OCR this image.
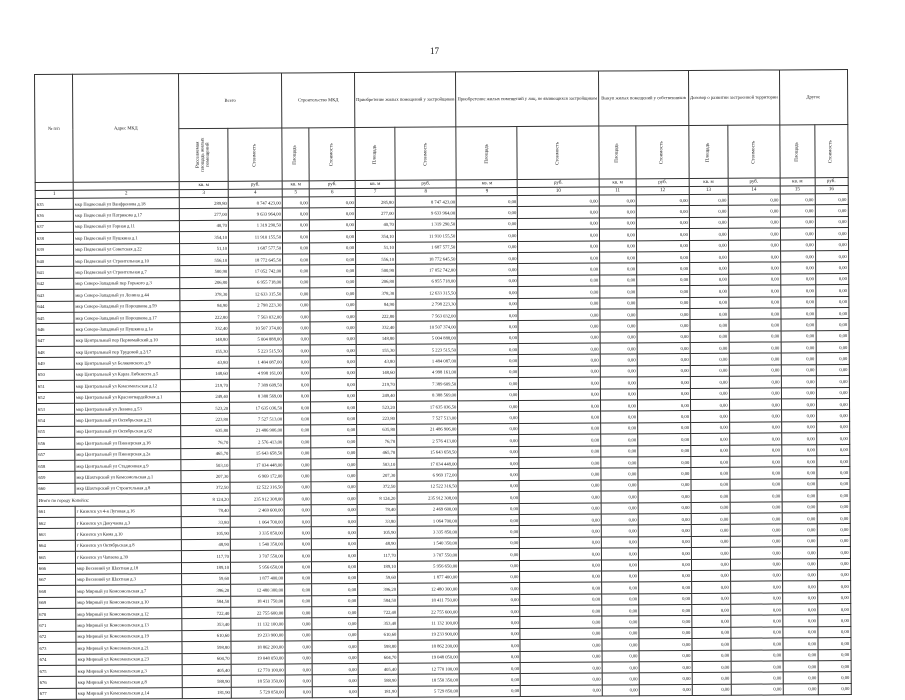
17
№ п/п	Адрес МКД	Всего		Строительство МКД		Приобретение жилых помещений у застройщиков		Приобретение жилых помещений у лиц, не являющихся застройщиком		Выкуп жилых помещений у собственников		Договор о развитии застроенной территории		Другое	
		Расселяемая площадь жилых помещений	Стоимость	Площадь	Стоимость	Площадь	Стоимость	Площадь	Стоимость	Площадь	Стоимость	Площадь	Стоимость	Площадь	Стоимость
		кв. м	руб.	кв. м	руб.	кв. м	руб.	кв. м	руб.	кв. м	руб.	кв. м	руб.	кв. м	руб.
1	2	3	4	5	6	7	8	9	10	11	12	13	14	15	16
635	мкр Подвесный ул Ванфронова д.18	289,80	8 747 423,00	0,00	0,00	285,80	8 747 423,00	0,00	0,00	0,00	0,00	0,00	0,00	0,00	0,00
636	мкр Подвесный ул Патрикова д.17	277,00	9 633 964,00	0,00	0,00	277,00	9 633 964,00	0,00	0,00	0,00	0,00	0,00	0,00	0,00	0,00
637	мкр Подвесный ул Горная д.11	40,70	1 319 290,50	0,00	0,00	40,70	1 319 290,50	0,00	0,00	0,00	0,00	0,00	0,00	0,00	0,00
638	мкр Подвесный ул Пушкина д.1	354,10	11 910 155,50	0,00	0,00	354,10	11 910 155,50	0,00	0,00	0,00	0,00	0,00	0,00	0,00	0,00
639	мкр Подвесный ул Советская д.22	51,10	1 687 577,50	0,00	0,00	51,10	1 687 577,50	0,00	0,00	0,00	0,00	0,00	0,00	0,00	0,00
640	мкр Подвесный ул Строительная д.10	556,10	18 772 645,50	0,00	0,00	556,10	18 772 645,50	0,00	0,00	0,00	0,00	0,00	0,00	0,00	0,00
641	мкр Подвесный ул Строительная д.7	500,90	17 052 742,00	0,00	0,00	500,90	17 052 742,00	0,00	0,00	0,00	0,00	0,00	0,00	0,00	0,00
642	мкр Северо-Западный пер Горького д.3	206,80	6 955 718,00	0,00	0,00	206,80	6 955 718,00	0,00	0,00	0,00	0,00	0,00	0,00	0,00	0,00
643	мкр Северо-Западный ул Ленина д.44	378,30	12 633 315,50	0,00	0,00	378,30	12 633 315,50	0,00	0,00	0,00	0,00	0,00	0,00	0,00	0,00
644	мкр Северо-Западный ул Порошкова д.59	84,90	2 798 223,30	0,00	0,00	84,90	2 798 223,30	0,00	0,00	0,00	0,00	0,00	0,00	0,00	0,00
645	мкр Северо-Западный ул Порошкова д.17	222,80	7 563 032,00	0,00	0,00	222,80	7 563 032,00	0,00	0,00	0,00	0,00	0,00	0,00	0,00	0,00
646	мкр Северо-Западный ул Пушкина д.1а	332,40	10 507 374,00	0,00	0,00	332,40	10 507 374,00	0,00	0,00	0,00	0,00	0,00	0,00	0,00	0,00
647	мкр Центральный пер Первомайский д.10	148,80	5 004 888,00	0,00	0,00	148,80	5 004 888,00	0,00	0,00	0,00	0,00	0,00	0,00	0,00	0,00
648	мкр Центральный пер Трудовой д.2/17	155,30	5 223 515,50	0,00	0,00	155,30	5 223 515,50	0,00	0,00	0,00	0,00	0,00	0,00	0,00	0,00
649	мкр Центральный ул Беляковского д.9	43,80	1 484 087,00	0,00	0,00	43,80	1 484 087,00	0,00	0,00	0,00	0,00	0,00	0,00	0,00	0,00
650	мкр Центральный ул Карла Либкнехта д.5	148,60	4 998 161,00	0,00	0,00	148,60	4 998 161,00	0,00	0,00	0,00	0,00	0,00	0,00	0,00	0,00
651	мкр Центральный ул Комсомольская д.12	219,70	7 389 609,50	0,00	0,00	219,70	7 389 609,50	0,00	0,00	0,00	0,00	0,00	0,00	0,00	0,00
652	мкр Центральный ул Красногвардейская д.1	249,40	8 388 569,00	0,00	0,00	249,40	8 388 569,00	0,00	0,00	0,00	0,00	0,00	0,00	0,00	0,00
653	мкр Центральный ул Ленина д.53	523,20	17 635 036,50	0,00	0,00	523,20	17 635 036,50	0,00	0,00	0,00	0,00	0,00	0,00	0,00	0,00
654	мкр Центральный ул Октябрьская д.21	223,80	7 527 513,00	0,00	0,00	223,80	7 527 513,00	0,00	0,00	0,00	0,00	0,00	0,00	0,00	0,00
655	мкр Центральный ул Октябрьская д.62	635,80	21 486 906,00	0,00	0,00	635,80	21 486 906,00	0,00	0,00	0,00	0,00	0,00	0,00	0,00	0,00
656	мкр Центральный ул Пионерская д.16	76,70	2 576 413,00	0,00	0,00	76,70	2 576 413,00	0,00	0,00	0,00	0,00	0,00	0,00	0,00	0,00
657	мкр Центральный ул Пионерская д.2а	465,70	15 643 658,50	0,00	0,00	465,70	15 643 658,50	0,00	0,00	0,00	0,00	0,00	0,00	0,00	0,00
658	мкр Центральный ул Стадионная д.9	503,10	17 034 448,00	0,00	0,00	503,10	17 034 448,00	0,00	0,00	0,00	0,00	0,00	0,00	0,00	0,00
659	мкр Шахтерский ул Комсомольская д.1	207,30	6 969 172,00	0,00	0,00	207,30	6 969 172,00	0,00	0,00	0,00	0,00	0,00	0,00	0,00	0,00
660	мкр Шахтерский ул Строительная д.8	372,50	12 522 316,50	0,00	0,00	372,50	12 522 316,50	0,00	0,00	0,00	0,00	0,00	0,00	0,00	0,00
Итого по городу Копейск:		8 124,20	235 912 308,00	0,00	0,00	8 124,20	235 912 308,00	0,00	0,00	0,00	0,00	0,00	0,00	0,00	0,00
661	г Кизилск ул 4-я Луговая д.16	78,40	2 469 600,00	0,00	0,00	78,40	2 469 600,00	0,00	0,00	0,00	0,00	0,00	0,00	0,00	0,00
662	г Кизилск ул Докучаева д.3	33,80	1 064 700,00	0,00	0,00	33,80	1 064 700,00	0,00	0,00	0,00	0,00	0,00	0,00	0,00	0,00
663	г Кизилск ул Кима д.10	105,90	3 335 850,00	0,00	0,00	105,90	3 335 850,00	0,00	0,00	0,00	0,00	0,00	0,00	0,00	0,00
664	г Кизилск ул Октябрьская д.8	48,90	1 540 350,00	0,00	0,00	48,90	1 540 350,00	0,00	0,00	0,00	0,00	0,00	0,00	0,00	0,00
665	г Кизилск ул Чапаева д.39	117,70	3 707 550,00	0,00	0,00	117,70	3 707 550,00	0,00	0,00	0,00	0,00	0,00	0,00	0,00	0,00
666	мкр Весенний ул Шахтная д.18	189,10	5 956 650,00	0,00	0,00	189,10	5 956 650,00	0,00	0,00	0,00	0,00	0,00	0,00	0,00	0,00
667	мкр Весенний ул Шахтная д.3	59,60	1 877 400,00	0,00	0,00	59,60	1 877 400,00	0,00	0,00	0,00	0,00	0,00	0,00	0,00	0,00
668	мкр Мирный ул Комсомольская д.7	396,20	12 480 300,00	0,00	0,00	396,20	12 480 300,00	0,00	0,00	0,00	0,00	0,00	0,00	0,00	0,00
669	мкр Мирный ул Комсомольская д.10	584,50	18 411 750,00	0,00	0,00	584,50	18 411 750,00	0,00	0,00	0,00	0,00	0,00	0,00	0,00	0,00
670	мкр Мирный ул Комсомольская д.12	722,40	22 755 600,00	0,00	0,00	722,40	22 755 600,00	0,00	0,00	0,00	0,00	0,00	0,00	0,00	0,00
671	мкр Мирный ул Комсомольская д.13	353,40	11 132 100,00	0,00	0,00	353,40	11 132 100,00	0,00	0,00	0,00	0,00	0,00	0,00	0,00	0,00
672	мкр Мирный ул Комсомольская д.19	610,60	19 233 900,00	0,00	0,00	610,60	19 233 900,00	0,00	0,00	0,00	0,00	0,00	0,00	0,00	0,00
673	мкр Мирный ул Комсомольская д.21	598,80	18 862 200,00	0,00	0,00	598,80	18 862 200,00	0,00	0,00	0,00	0,00	0,00	0,00	0,00	0,00
674	мкр Мирный ул Комсомольская д.23	604,70	19 048 050,00	0,00	0,00	604,70	19 048 050,00	0,00	0,00	0,00	0,00	0,00	0,00	0,00	0,00
675	мкр Мирный ул Комсомольская д.3	405,40	12 770 100,00	0,00	0,00	405,40	12 770 100,00	0,00	0,00	0,00	0,00	0,00	0,00	0,00	0,00
676	мкр Мирный ул Комсомольская д.8	588,90	18 550 350,00	0,00	0,00	588,90	18 550 350,00	0,00	0,00	0,00	0,00	0,00	0,00	0,00	0,00
677	мкр Мирный ул Комсомольская д.14	181,90	5 729 850,00	0,00	0,00	181,90	5 729 850,00	0,00	0,00	0,00	0,00	0,00	0,00	0,00	0,00
